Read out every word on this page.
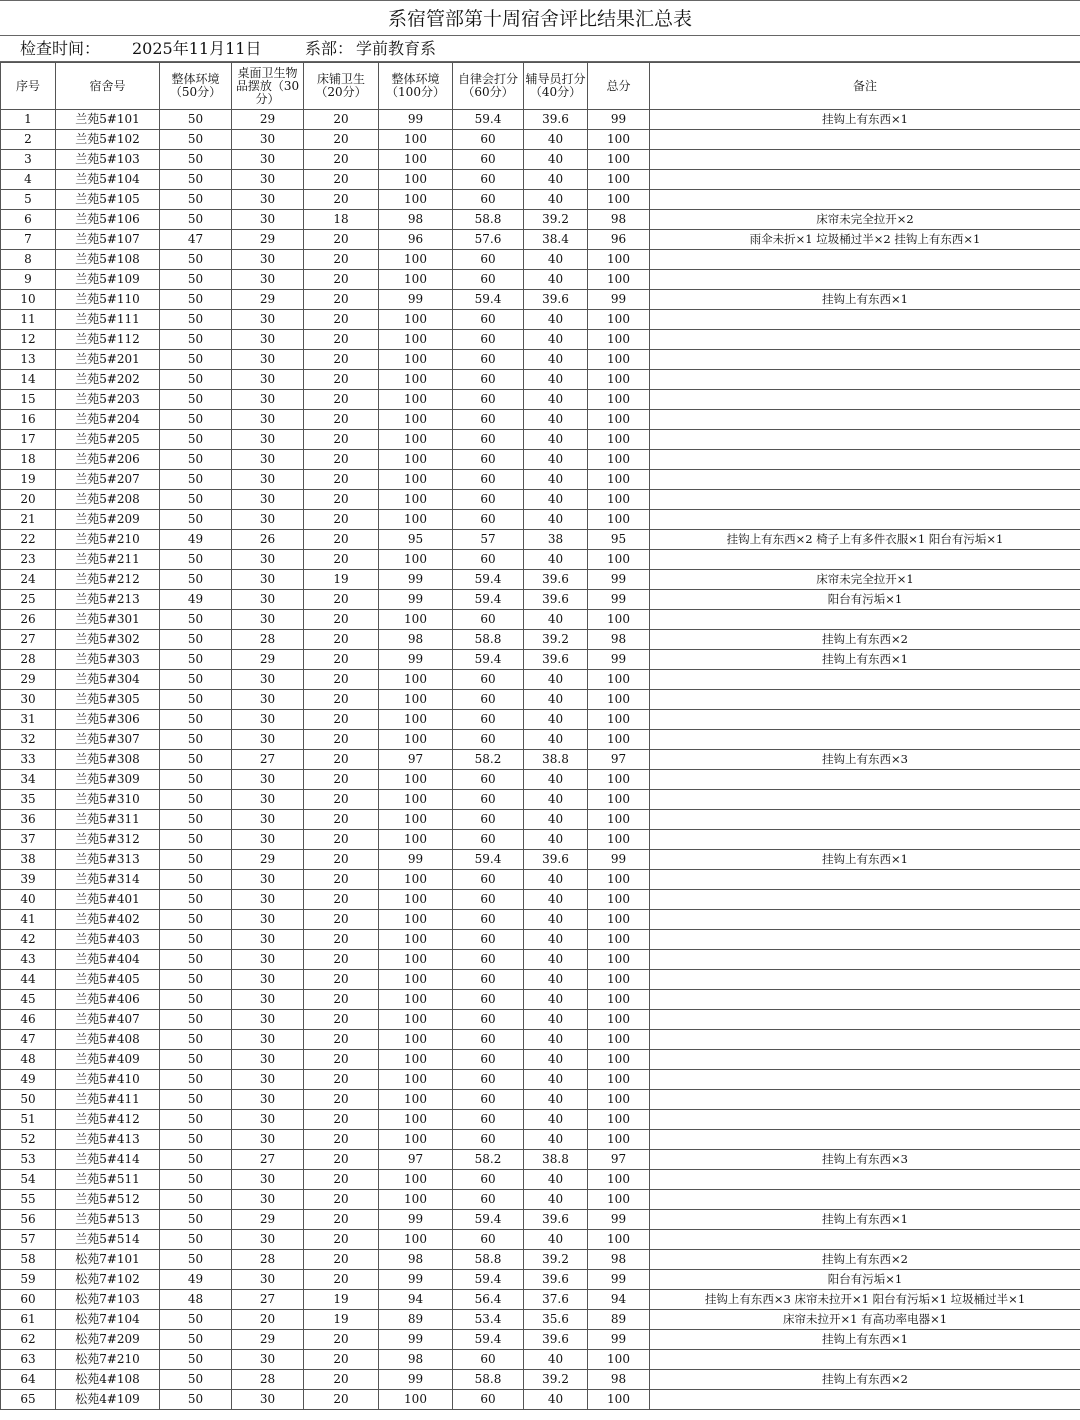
系宿管部第十周宿舍评比结果汇总表
检查时间： 2025年11月11日	系部： 学前教育系
序号	宿舍号	整体环境（50分）	桌面卫生物品摆放（30分）	床铺卫生（20分）	整体环境（100分）	自律会打分（60分）	辅导员打分（40分）	总分	备注
1	兰苑5#101	50	29	20	99	59.4	39.6	99	挂钩上有东西×1
2	兰苑5#102	50	30	20	100	60	40	100	
3	兰苑5#103	50	30	20	100	60	40	100	
4	兰苑5#104	50	30	20	100	60	40	100	
5	兰苑5#105	50	30	20	100	60	40	100	
6	兰苑5#106	50	30	18	98	58.8	39.2	98	床帘未完全拉开×2
7	兰苑5#107	47	29	20	96	57.6	38.4	96	雨伞未折×1 垃圾桶过半×2 挂钩上有东西×1
8	兰苑5#108	50	30	20	100	60	40	100	
9	兰苑5#109	50	30	20	100	60	40	100	
10	兰苑5#110	50	29	20	99	59.4	39.6	99	挂钩上有东西×1
11	兰苑5#111	50	30	20	100	60	40	100	
12	兰苑5#112	50	30	20	100	60	40	100	
13	兰苑5#201	50	30	20	100	60	40	100	
14	兰苑5#202	50	30	20	100	60	40	100	
15	兰苑5#203	50	30	20	100	60	40	100	
16	兰苑5#204	50	30	20	100	60	40	100	
17	兰苑5#205	50	30	20	100	60	40	100	
18	兰苑5#206	50	30	20	100	60	40	100	
19	兰苑5#207	50	30	20	100	60	40	100	
20	兰苑5#208	50	30	20	100	60	40	100	
21	兰苑5#209	50	30	20	100	60	40	100	
22	兰苑5#210	49	26	20	95	57	38	95	挂钩上有东西×2 椅子上有多件衣服×1 阳台有污垢×1
23	兰苑5#211	50	30	20	100	60	40	100	
24	兰苑5#212	50	30	19	99	59.4	39.6	99	床帘未完全拉开×1
25	兰苑5#213	49	30	20	99	59.4	39.6	99	阳台有污垢×1
26	兰苑5#301	50	30	20	100	60	40	100	
27	兰苑5#302	50	28	20	98	58.8	39.2	98	挂钩上有东西×2
28	兰苑5#303	50	29	20	99	59.4	39.6	99	挂钩上有东西×1
29	兰苑5#304	50	30	20	100	60	40	100	
30	兰苑5#305	50	30	20	100	60	40	100	
31	兰苑5#306	50	30	20	100	60	40	100	
32	兰苑5#307	50	30	20	100	60	40	100	
33	兰苑5#308	50	27	20	97	58.2	38.8	97	挂钩上有东西×3
34	兰苑5#309	50	30	20	100	60	40	100	
35	兰苑5#310	50	30	20	100	60	40	100	
36	兰苑5#311	50	30	20	100	60	40	100	
37	兰苑5#312	50	30	20	100	60	40	100	
38	兰苑5#313	50	29	20	99	59.4	39.6	99	挂钩上有东西×1
39	兰苑5#314	50	30	20	100	60	40	100	
40	兰苑5#401	50	30	20	100	60	40	100	
41	兰苑5#402	50	30	20	100	60	40	100	
42	兰苑5#403	50	30	20	100	60	40	100	
43	兰苑5#404	50	30	20	100	60	40	100	
44	兰苑5#405	50	30	20	100	60	40	100	
45	兰苑5#406	50	30	20	100	60	40	100	
46	兰苑5#407	50	30	20	100	60	40	100	
47	兰苑5#408	50	30	20	100	60	40	100	
48	兰苑5#409	50	30	20	100	60	40	100	
49	兰苑5#410	50	30	20	100	60	40	100	
50	兰苑5#411	50	30	20	100	60	40	100	
51	兰苑5#412	50	30	20	100	60	40	100	
52	兰苑5#413	50	30	20	100	60	40	100	
53	兰苑5#414	50	27	20	97	58.2	38.8	97	挂钩上有东西×3
54	兰苑5#511	50	30	20	100	60	40	100	
55	兰苑5#512	50	30	20	100	60	40	100	
56	兰苑5#513	50	29	20	99	59.4	39.6	99	挂钩上有东西×1
57	兰苑5#514	50	30	20	100	60	40	100	
58	松苑7#101	50	28	20	98	58.8	39.2	98	挂钩上有东西×2
59	松苑7#102	49	30	20	99	59.4	39.6	99	阳台有污垢×1
60	松苑7#103	48	27	19	94	56.4	37.6	94	挂钩上有东西×3 床帘未拉开×1 阳台有污垢×1 垃圾桶过半×1
61	松苑7#104	50	20	19	89	53.4	35.6	89	床帘未拉开×1 有高功率电器×1
62	松苑7#209	50	29	20	99	59.4	39.6	99	挂钩上有东西×1
63	松苑7#210	50	30	20	98	60	40	100	
64	松苑4#108	50	28	20	99	58.8	39.2	98	挂钩上有东西×2
65	松苑4#109	50	30	20	100	60	40	100	
